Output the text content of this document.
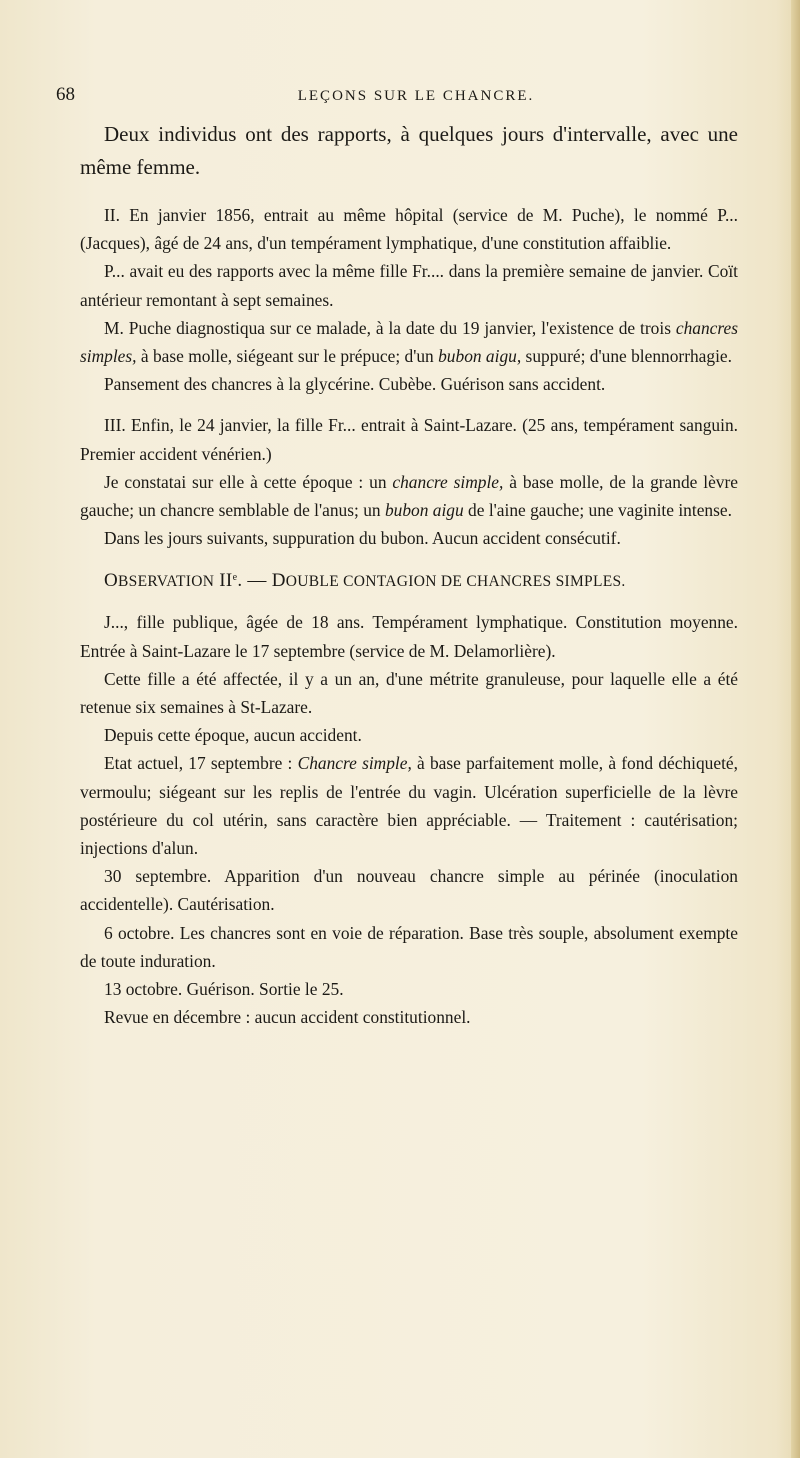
68	LEÇONS SUR LE CHANCRE.

Deux individus ont des rapports, à quelques jours d'intervalle, avec une même femme.

II. En janvier 1856, entrait au même hôpital (service de M. Puche), le nommé P... (Jacques), âgé de 24 ans, d'un tempérament lymphatique, d'une constitution affaiblie.

P... avait eu des rapports avec la même fille Fr.... dans la première semaine de janvier. Coït antérieur remontant à sept semaines.

M. Puche diagnostiqua sur ce malade, à la date du 19 janvier, l'existence de trois chancres simples, à base molle, siégeant sur le prépuce; d'un bubon aigu, suppuré; d'une blennorrhagie.

Pansement des chancres à la glycérine. Cubèbe. Guérison sans accident.

III. Enfin, le 24 janvier, la fille Fr... entrait à Saint-Lazare. (25 ans, tempérament sanguin. Premier accident vénérien.)

Je constatai sur elle à cette époque : un chancre simple, à base molle, de la grande lèvre gauche; un chancre semblable de l'anus; un bubon aigu de l'aine gauche; une vaginite intense.

Dans les jours suivants, suppuration du bubon. Aucun accident consécutif.

OBSERVATION IIe. — DOUBLE CONTAGION DE CHANCRES SIMPLES.

J..., fille publique, âgée de 18 ans. Tempérament lymphatique. Constitution moyenne. Entrée à Saint-Lazare le 17 septembre (service de M. Delamorlière).

Cette fille a été affectée, il y a un an, d'une métrite granuleuse, pour laquelle elle a été retenue six semaines à St-Lazare.

Depuis cette époque, aucun accident.

Etat actuel, 17 septembre : Chancre simple, à base parfaitement molle, à fond déchiqueté, vermoulu; siégeant sur les replis de l'entrée du vagin. Ulcération superficielle de la lèvre postérieure du col utérin, sans caractère bien appréciable. — Traitement : cautérisation; injections d'alun.

30 septembre. Apparition d'un nouveau chancre simple au périnée (inoculation accidentelle). Cautérisation.

6 octobre. Les chancres sont en voie de réparation. Base très souple, absolument exempte de toute induration.

13 octobre. Guérison. Sortie le 25.

Revue en décembre : aucun accident constitutionnel.
